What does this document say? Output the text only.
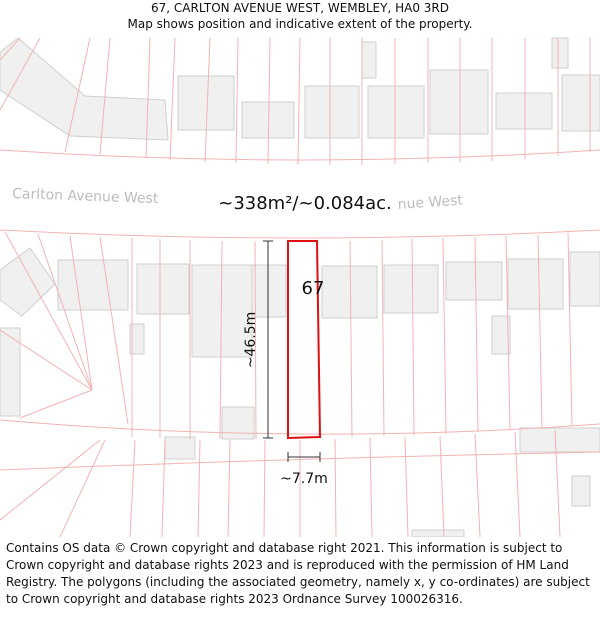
67, CARLTON AVENUE WEST, WEMBLEY, HA0 3RD
Map shows position and indicative extent of the property.
Carlton Avenue West	nue West
~338m²/~0.084ac.
67
~46.5m
~7.7m
Contains OS data © Crown copyright and database right 2021. This information is subject to Crown copyright and database rights 2023 and is reproduced with the permission of HM Land Registry. The polygons (including the associated geometry, namely x, y co-ordinates) are subject to Crown copyright and database rights 2023 Ordnance Survey 100026316.
